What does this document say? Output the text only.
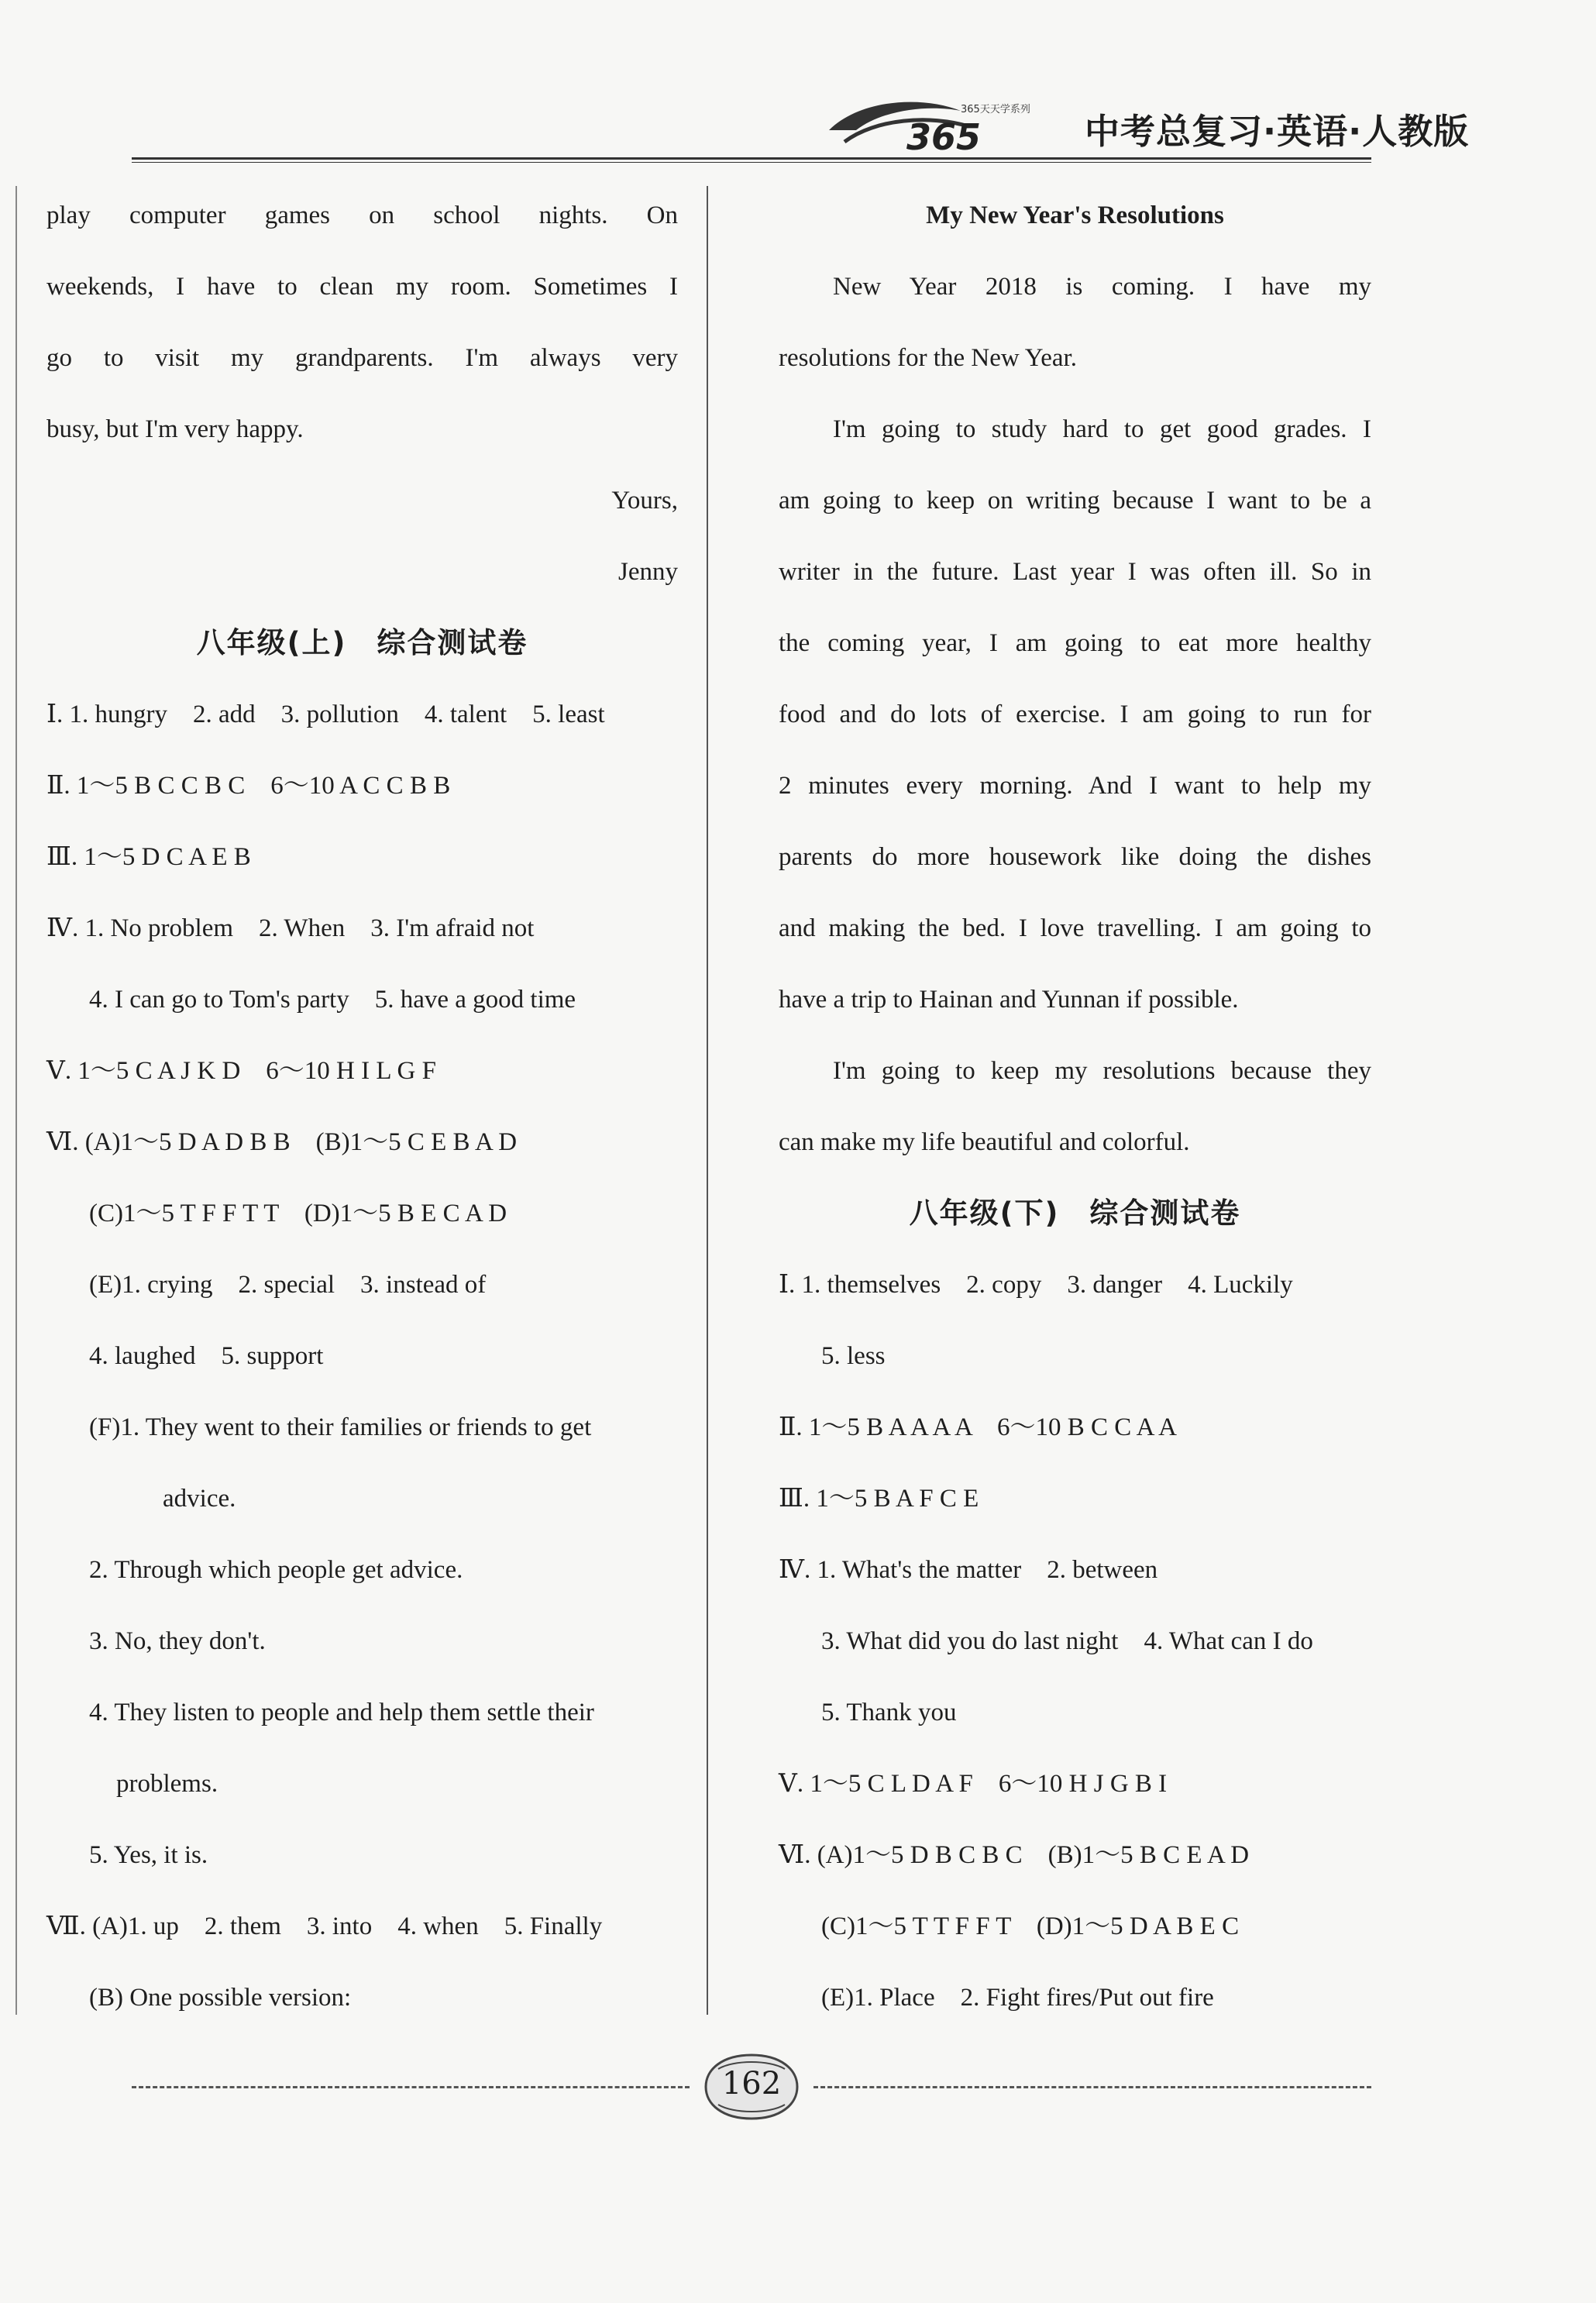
365
365天天学系列
中考总复习·英语·人教版
play computer games on school nights. On
weekends, I have to clean my room. Sometimes I
go to visit my grandparents. I'm always very
busy, but I'm very happy.
Yours,
Jenny
八年级(上)　综合测试卷
Ⅰ. 1. hungry　2. add　3. pollution　4. talent　5. least
Ⅱ. 1～5 B C C B C　6～10 A C C B B
Ⅲ. 1～5 D C A E B
Ⅳ. 1. No problem　2. When　3. I'm afraid not
4. I can go to Tom's party　5. have a good time
Ⅴ. 1～5 C A J K D　6～10 H I L G F
Ⅵ. (A)1～5 D A D B B　(B)1～5 C E B A D
(C)1～5 T F F T T　(D)1～5 B E C A D
(E)1. crying　2. special　3. instead of
4. laughed　5. support
(F)1. They went to their families or friends to get
advice.
2. Through which people get advice.
3. No, they don't.
4. They listen to people and help them settle their
problems.
5. Yes, it is.
Ⅶ. (A)1. up　2. them　3. into　4. when　5. Finally
(B) One possible version:
My New Year's Resolutions
New Year 2018 is coming. I have my
resolutions for the New Year.
I'm going to study hard to get good grades. I
am going to keep on writing because I want to be a
writer in the future. Last year I was often ill. So in
the coming year, I am going to eat more healthy
food and do lots of exercise. I am going to run for
2 minutes every morning. And I want to help my
parents do more housework like doing the dishes
and making the bed. I love travelling. I am going to
have a trip to Hainan and Yunnan if possible.
I'm going to keep my resolutions because they
can make my life beautiful and colorful.
八年级(下)　综合测试卷
Ⅰ. 1. themselves　2. copy　3. danger　4. Luckily
5. less
Ⅱ. 1～5 B A A A A　6～10 B C C A A
Ⅲ. 1～5 B A F C E
Ⅳ. 1. What's the matter　2. between
3. What did you do last night　4. What can I do
5. Thank you
Ⅴ. 1～5 C L D A F　6～10 H J G B I
Ⅵ. (A)1～5 D B C B C　(B)1～5 B C E A D
(C)1～5 T T F F T　(D)1～5 D A B E C
(E)1. Place　2. Fight fires/Put out fire
162
